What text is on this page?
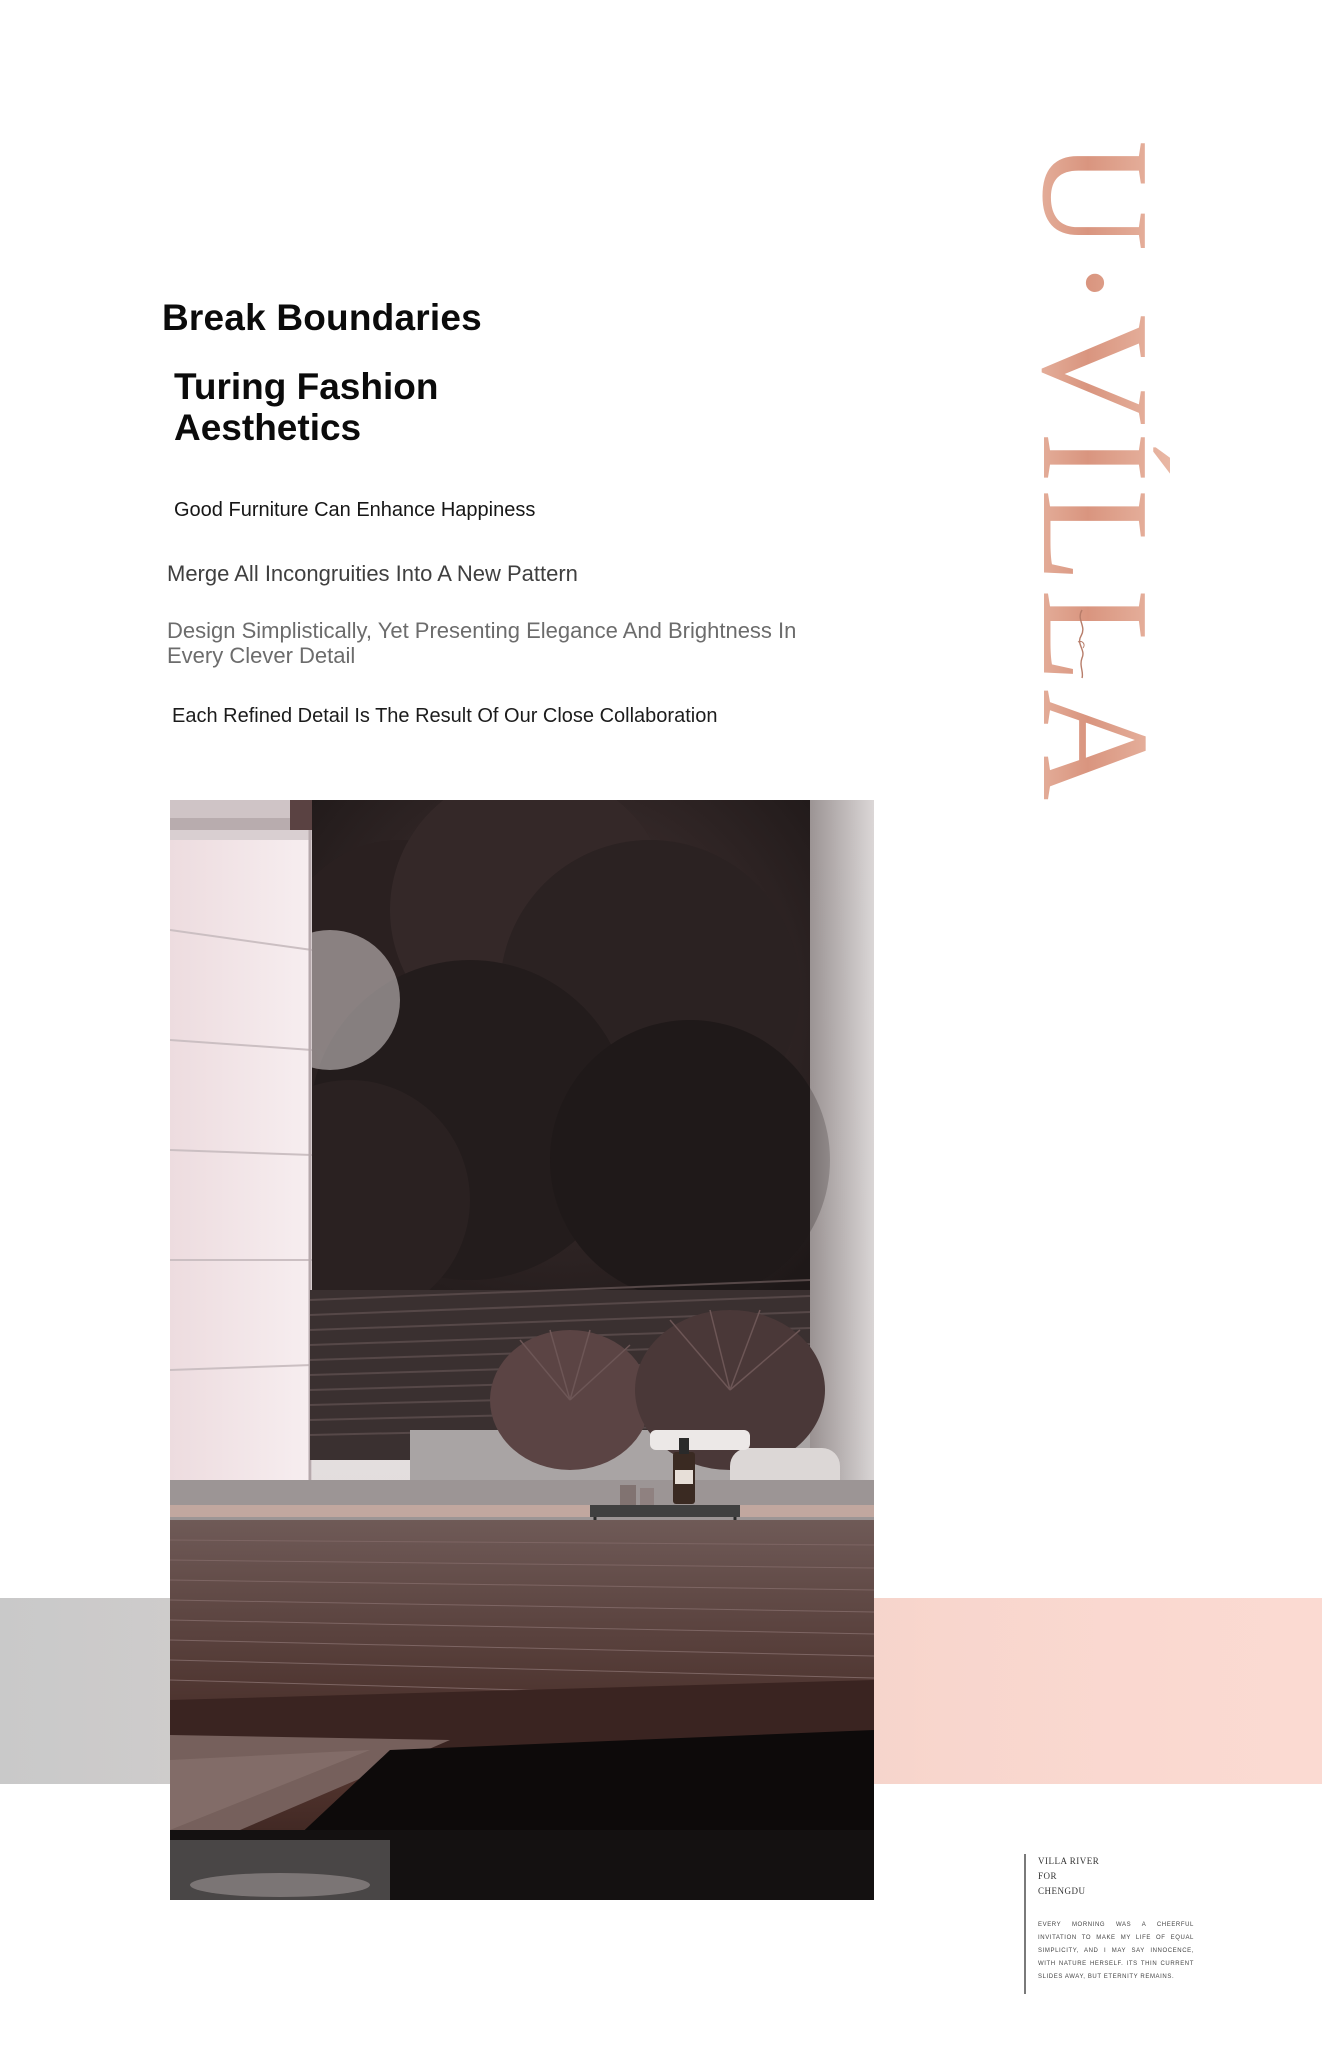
Break Boundaries
Turing Fashion Aesthetics

Good Furniture Can Enhance Happiness

Merge All Incongruities Into A New Pattern

Design Simplistically, Yet Presenting Elegance And Brightness In Every Clever Detail

Each Refined Detail Is The Result Of Our Close Collaboration U·VÍLLA

VILLA RIVER
FOR
CHENGDU

EVERY MORNING WAS A CHEERFUL INVITATION TO MAKE MY LIFE OF EQUAL SIMPLICITY, AND I MAY SAY INNOCENCE, WITH NATURE HERSELF. ITS THIN CURRENT SLIDES AWAY, BUT ETERNITY REMAINS.
